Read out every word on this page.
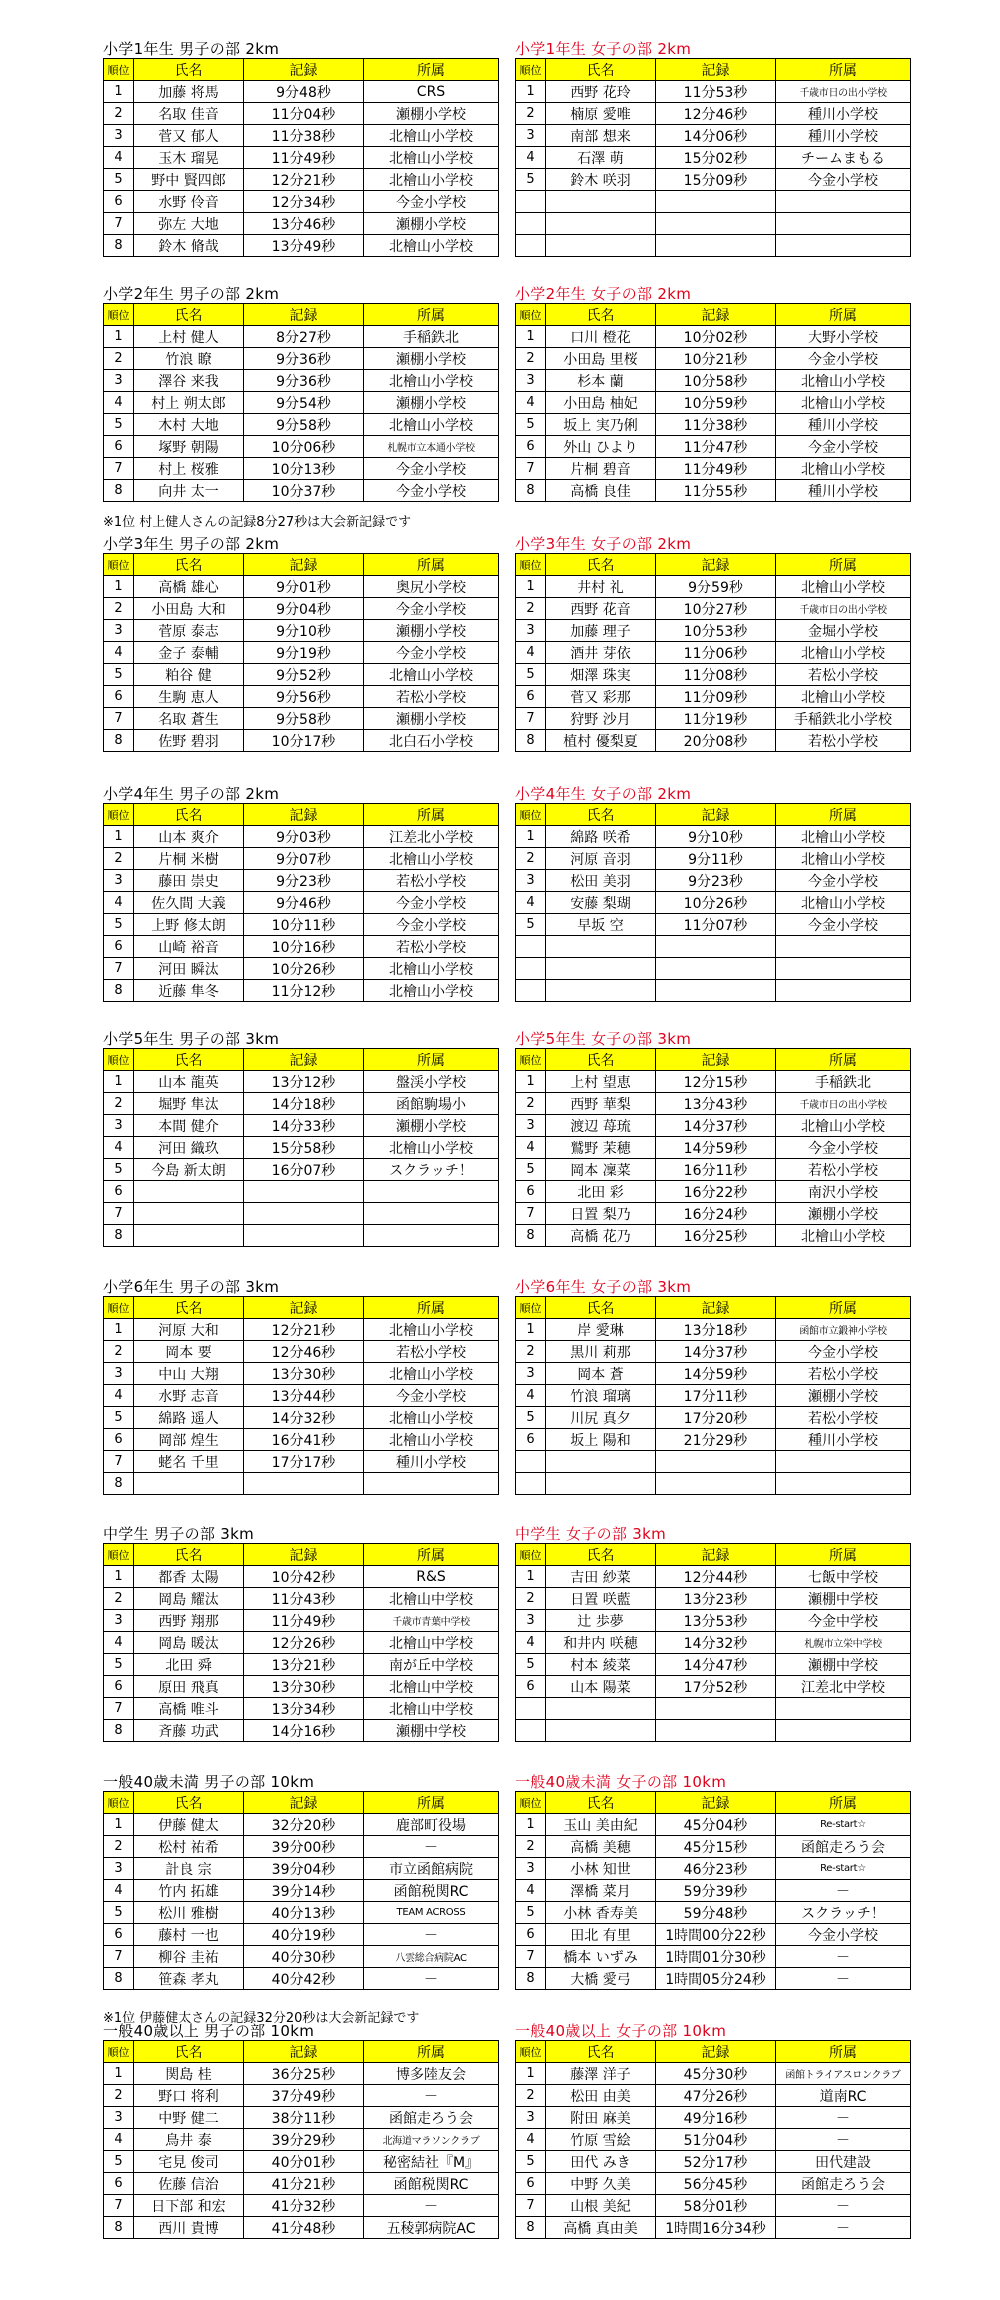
小学1年生 男子の部 2km
順位	氏名	記録	所属
1	加藤 将馬	9分48秒	CRS
2	名取 佳音	11分04秒	瀬棚小学校
3	菅又 郁人	11分38秒	北檜山小学校
4	玉木 瑠晃	11分49秒	北檜山小学校
5	野中 賢四郎	12分21秒	北檜山小学校
6	水野 伶音	12分34秒	今金小学校
7	弥左 大地	13分46秒	瀬棚小学校
8	鈴木 脩哉	13分49秒	北檜山小学校
小学1年生 女子の部 2km
順位	氏名	記録	所属
1	西野 花玲	11分53秒	千歳市日の出小学校
2	楠原 愛唯	12分46秒	種川小学校
3	南部 想来	14分06秒	種川小学校
4	石澤 萌	15分02秒	チームまもる
5	鈴木 咲羽	15分09秒	今金小学校

小学2年生 男子の部 2km
順位	氏名	記録	所属
1	上村 健人	8分27秒	手稲鉄北
2	竹浪 瞭	9分36秒	瀬棚小学校
3	澤谷 来我	9分36秒	北檜山小学校
4	村上 朔太郎	9分54秒	瀬棚小学校
5	木村 大地	9分58秒	北檜山小学校
6	塚野 朝陽	10分06秒	札幌市立本通小学校
7	村上 桜雅	10分13秒	今金小学校
8	向井 太一	10分37秒	今金小学校
小学2年生 女子の部 2km
順位	氏名	記録	所属
1	口川 橙花	10分02秒	大野小学校
2	小田島 里桜	10分21秒	今金小学校
3	杉本 蘭	10分58秒	北檜山小学校
4	小田島 柚妃	10分59秒	北檜山小学校
5	坂上 実乃俐	11分38秒	種川小学校
6	外山 ひより	11分47秒	今金小学校
7	片桐 碧音	11分49秒	北檜山小学校
8	高橋 良佳	11分55秒	種川小学校
小学3年生 男子の部 2km
順位	氏名	記録	所属
1	高橋 雄心	9分01秒	奥尻小学校
2	小田島 大和	9分04秒	今金小学校
3	菅原 泰志	9分10秒	瀬棚小学校
4	金子 泰輔	9分19秒	今金小学校
5	粕谷 健	9分52秒	北檜山小学校
6	生駒 恵人	9分56秒	若松小学校
7	名取 蒼生	9分58秒	瀬棚小学校
8	佐野 碧羽	10分17秒	北白石小学校
小学3年生 女子の部 2km
順位	氏名	記録	所属
1	井村 礼	9分59秒	北檜山小学校
2	西野 花音	10分27秒	千歳市日の出小学校
3	加藤 理子	10分53秒	金堀小学校
4	酒井 芽依	11分06秒	北檜山小学校
5	畑澤 珠実	11分08秒	若松小学校
6	菅又 彩那	11分09秒	北檜山小学校
7	狩野 沙月	11分19秒	手稲鉄北小学校
8	植村 優梨夏	20分08秒	若松小学校
小学4年生 男子の部 2km
順位	氏名	記録	所属
1	山本 爽介	9分03秒	江差北小学校
2	片桐 米樹	9分07秒	北檜山小学校
3	藤田 崇史	9分23秒	若松小学校
4	佐久間 大義	9分46秒	今金小学校
5	上野 修太朗	10分11秒	今金小学校
6	山崎 裕音	10分16秒	若松小学校
7	河田 瞬汰	10分26秒	北檜山小学校
8	近藤 隼冬	11分12秒	北檜山小学校
小学4年生 女子の部 2km
順位	氏名	記録	所属
1	綿路 咲希	9分10秒	北檜山小学校
2	河原 音羽	9分11秒	北檜山小学校
3	松田 美羽	9分23秒	今金小学校
4	安藤 梨瑚	10分26秒	北檜山小学校
5	早坂 空	11分07秒	今金小学校

小学5年生 男子の部 3km
順位	氏名	記録	所属
1	山本 龍英	13分12秒	盤渓小学校
2	堀野 隼汰	14分18秒	函館駒場小
3	本間 健介	14分33秒	瀬棚小学校
4	河田 織玖	15分58秒	北檜山小学校
5	今島 新太朗	16分07秒	スクラッチ！
6			
7			
8			
小学5年生 女子の部 3km
順位	氏名	記録	所属
1	上村 望恵	12分15秒	手稲鉄北
2	西野 華梨	13分43秒	千歳市日の出小学校
3	渡辺 苺琉	14分37秒	北檜山小学校
4	鷲野 茉穂	14分59秒	今金小学校
5	岡本 凜菜	16分11秒	若松小学校
6	北田 彩	16分22秒	南沢小学校
7	日置 梨乃	16分24秒	瀬棚小学校
8	高橋 花乃	16分25秒	北檜山小学校
小学6年生 男子の部 3km
順位	氏名	記録	所属
1	河原 大和	12分21秒	北檜山小学校
2	岡本 要	12分46秒	若松小学校
3	中山 大翔	13分30秒	北檜山小学校
4	水野 志音	13分44秒	今金小学校
5	綿路 遥人	14分32秒	北檜山小学校
6	岡部 煌生	16分41秒	北檜山小学校
7	蛯名 千里	17分17秒	種川小学校
8			
小学6年生 女子の部 3km
順位	氏名	記録	所属
1	岸 愛琳	13分18秒	函館市立鍛神小学校
2	黒川 莉那	14分37秒	今金小学校
3	岡本 蒼	14分59秒	若松小学校
4	竹浪 瑠璃	17分11秒	瀬棚小学校
5	川尻 真夕	17分20秒	若松小学校
6	坂上 陽和	21分29秒	種川小学校

中学生 男子の部 3km
順位	氏名	記録	所属
1	都香 太陽	10分42秒	R&S
2	岡島 耀汰	11分43秒	北檜山中学校
3	西野 翔那	11分49秒	千歳市青葉中学校
4	岡島 暖汰	12分26秒	北檜山中学校
5	北田 舜	13分21秒	南が丘中学校
6	原田 飛真	13分30秒	北檜山中学校
7	高橋 唯斗	13分34秒	北檜山中学校
8	斉藤 功武	14分16秒	瀬棚中学校
中学生 女子の部 3km
順位	氏名	記録	所属
1	吉田 紗菜	12分44秒	七飯中学校
2	日置 咲藍	13分23秒	瀬棚中学校
3	辻 歩夢	13分53秒	今金中学校
4	和井内 咲穂	14分32秒	札幌市立栄中学校
5	村本 綾菜	14分47秒	瀬棚中学校
6	山本 陽菜	17分52秒	江差北中学校

一般40歳未満 男子の部 10km
順位	氏名	記録	所属
1	伊藤 健太	32分20秒	鹿部町役場
2	松村 祐希	39分00秒	－
3	計良 宗	39分04秒	市立函館病院
4	竹内 拓雄	39分14秒	函館税関RC
5	松川 雅樹	40分13秒	TEAM ACROSS
6	藤村 一也	40分19秒	－
7	柳谷 圭祐	40分30秒	八雲総合病院AC
8	笹森 孝丸	40分42秒	－
一般40歳未満 女子の部 10km
順位	氏名	記録	所属
1	玉山 美由紀	45分04秒	Re-start☆
2	高橋 美穂	45分15秒	函館走ろう会
3	小林 知世	46分23秒	Re-start☆
4	澤橋 菜月	59分39秒	－
5	小林 香寿美	59分48秒	スクラッチ！
6	田北 有里	1時間00分22秒	今金小学校
7	橋本 いずみ	1時間01分30秒	－
8	大橋 愛弓	1時間05分24秒	－
一般40歳以上 男子の部 10km
順位	氏名	記録	所属
1	関島 桂	36分25秒	博多陸友会
2	野口 将利	37分49秒	－
3	中野 健二	38分11秒	函館走ろう会
4	鳥井 泰	39分29秒	北海道マラソンクラブ
5	宅見 俊司	40分01秒	秘密結社『M』
6	佐藤 信治	41分21秒	函館税関RC
7	日下部 和宏	41分32秒	－
8	西川 貴博	41分48秒	五稜郭病院AC
一般40歳以上 女子の部 10km
順位	氏名	記録	所属
1	藤澤 洋子	45分30秒	函館トライアスロンクラブ
2	松田 由美	47分26秒	道南RC
3	附田 麻美	49分16秒	－
4	竹原 雪絵	51分04秒	－
5	田代 みき	52分17秒	田代建設
6	中野 久美	56分45秒	函館走ろう会
7	山根 美紀	58分01秒	－
8	高橋 真由美	1時間16分34秒	－
※1位 村上健人さんの記録8分27秒は大会新記録です
※1位 伊藤健太さんの記録32分20秒は大会新記録です
